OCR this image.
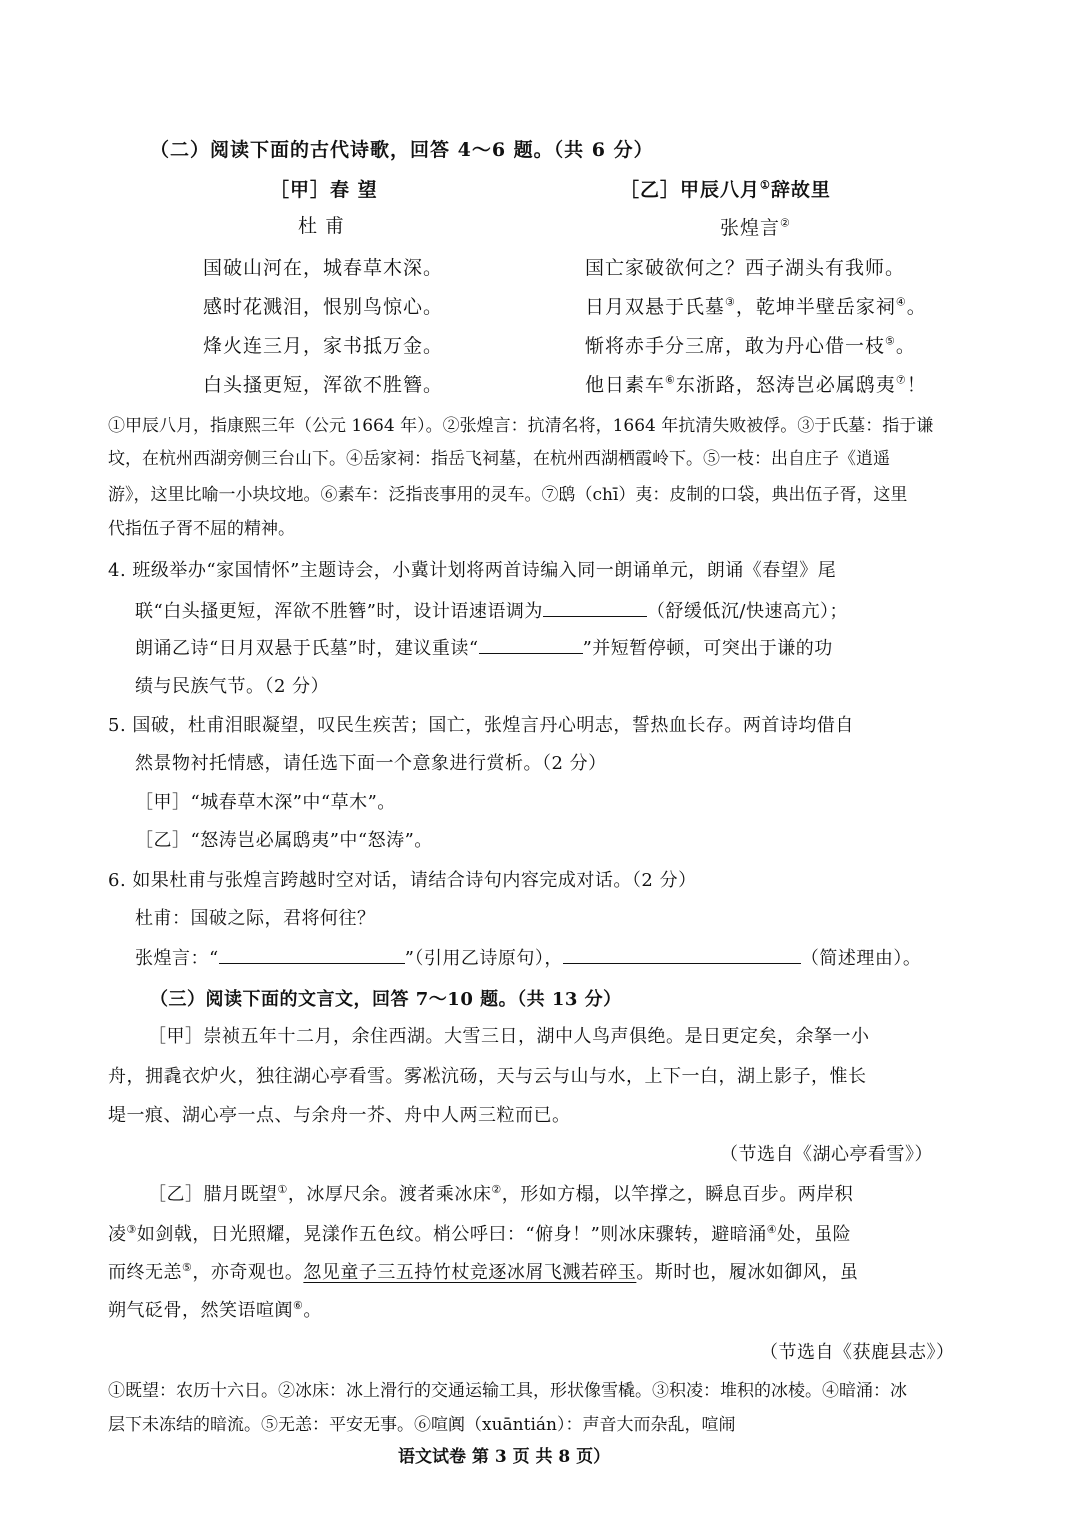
（二）阅读下面的古代诗歌，回答 4～6 题。（共 6 分）
［甲］春 望
杜 甫
国破山河在，城春草木深。
感时花溅泪，恨别鸟惊心。
烽火连三月，家书抵万金。
白头搔更短，浑欲不胜簪。
［乙］甲辰八月①辞故里
张煌言②
国亡家破欲何之？西子湖头有我师。
日月双悬于氏墓③，乾坤半壁岳家祠④。
惭将赤手分三席，敢为丹心借一枝⑤。
他日素车⑥东浙路，怒涛岂必属鸱夷⑦！
①甲辰八月，指康熙三年（公元 1664 年）。②张煌言：抗清名将，1664 年抗清失败被俘。③于氏墓：指于谦
坟，在杭州西湖旁侧三台山下。④岳家祠：指岳飞祠墓，在杭州西湖栖霞岭下。⑤一枝：出自庄子《逍遥
游》，这里比喻一小块坟地。⑥素车：泛指丧事用的灵车。⑦鸱（chī）夷：皮制的口袋，典出伍子胥，这里
代指伍子胥不屈的精神。
4. 班级举办“家国情怀”主题诗会，小冀计划将两首诗编入同一朗诵单元，朗诵《春望》尾
联“白头搔更短，浑欲不胜簪”时，设计语速语调为	（舒缓低沉/快速高亢）；
朗诵乙诗“日月双悬于氏墓”时，建议重读“	”并短暂停顿，可突出于谦的功
绩与民族气节。（2 分）
5. 国破，杜甫泪眼凝望，叹民生疾苦；国亡，张煌言丹心明志，誓热血长存。两首诗均借自
然景物衬托情感，请任选下面一个意象进行赏析。（2 分）
［甲］“城春草木深”中“草木”。
［乙］“怒涛岂必属鸱夷”中“怒涛”。
6. 如果杜甫与张煌言跨越时空对话，请结合诗句内容完成对话。（2 分）
杜甫：国破之际，君将何往？
张煌言：“	”（引用乙诗原句），	（简述理由）。
（三）阅读下面的文言文，回答 7～10 题。（共 13 分）
［甲］崇祯五年十二月，余住西湖。大雪三日，湖中人鸟声俱绝。是日更定矣，余拏一小
舟，拥毳衣炉火，独往湖心亭看雪。雾凇沆砀，天与云与山与水，上下一白，湖上影子，惟长
堤一痕、湖心亭一点、与余舟一芥、舟中人两三粒而已。
（节选自《湖心亭看雪》）
［乙］腊月既望①，冰厚尺余。渡者乘冰床②，形如方榻，以竿撑之，瞬息百步。两岸积
凌③如剑戟，日光照耀，晃漾作五色纹。梢公呼曰：“俯身！”则冰床骤转，避暗涌④处，虽险
而终无恙⑤，亦奇观也。忽见童子三五持竹杖竞逐冰屑飞溅若碎玉。斯时也，履冰如御风，虽
朔气砭骨，然笑语喧阗⑥。
（节选自《获鹿县志》）
①既望：农历十六日。②冰床：冰上滑行的交通运输工具，形状像雪橇。③积凌：堆积的冰棱。④暗涌：冰
层下未冻结的暗流。⑤无恙：平安无事。⑥喧阗（xuāntián）：声音大而杂乱，喧闹
语文试卷 第 3 页 共 8 页）
